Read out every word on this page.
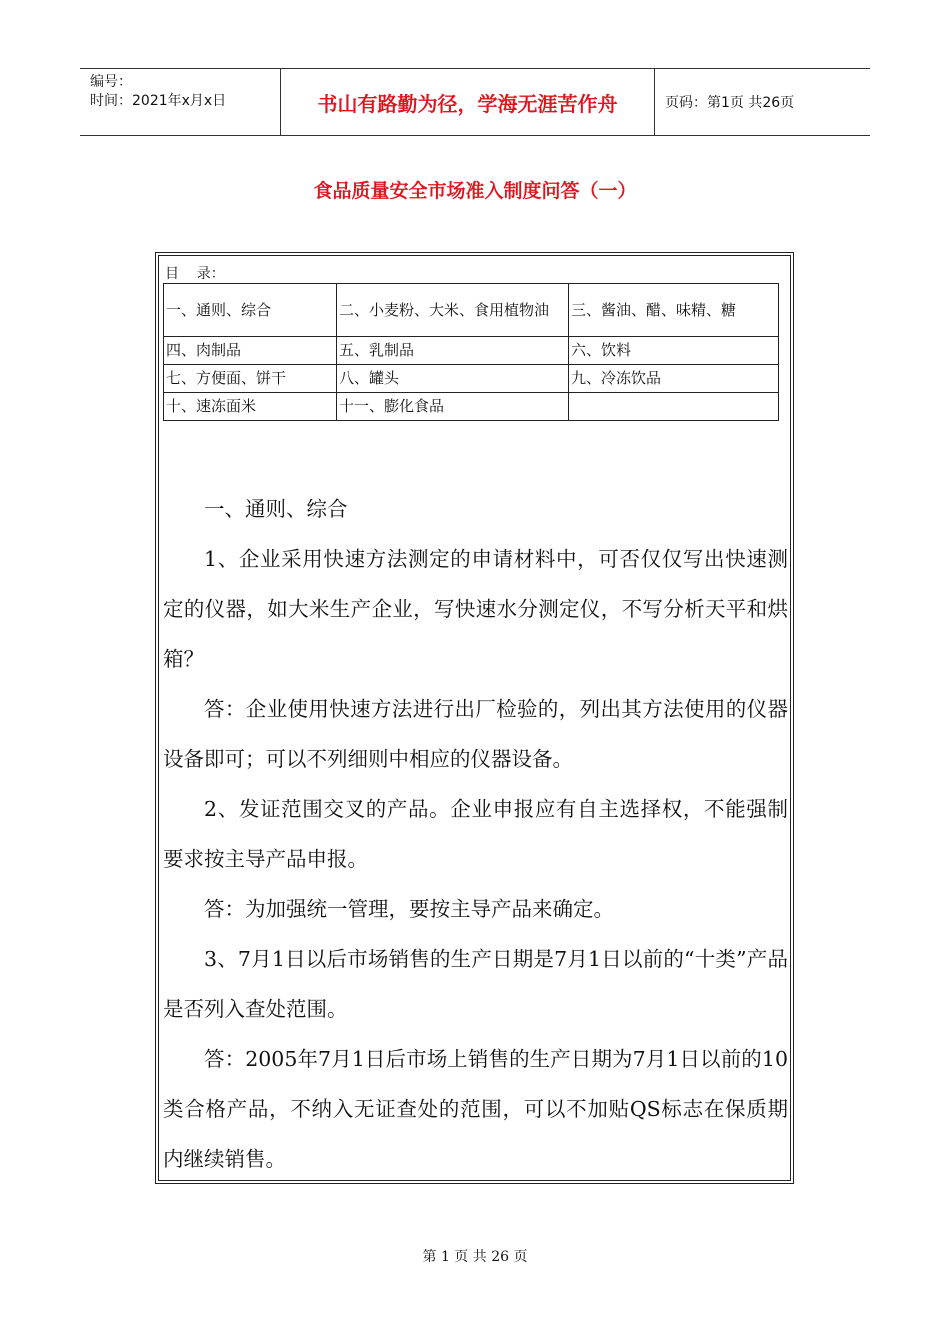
编号：
时间：2021年x月x日	书山有路勤为径，学海无涯苦作舟	页码：第1页 共26页
食品质量安全市场准入制度问答（一）
目    录：
一、通则、综合	二、小麦粉、大米、食用植物油	三、酱油、醋、味精、糖
四、肉制品	五、乳制品	六、饮料
七、方便面、饼干	八、罐头	九、冷冻饮品
十、速冻面米	十一、膨化食品	

一、通则、综合

1、企业采用快速方法测定的申请材料中，可否仅仅写出快速测定的仪器，如大米生产企业，写快速水分测定仪，不写分析天平和烘箱？

答：企业使用快速方法进行出厂检验的，列出其方法使用的仪器设备即可；可以不列细则中相应的仪器设备。

2、发证范围交叉的产品。企业申报应有自主选择权，不能强制要求按主导产品申报。

答：为加强统一管理，要按主导产品来确定。

3、7月1日以后市场销售的生产日期是7月1日以前的“十类”产品是否列入查处范围。

答：2005年7月1日后市场上销售的生产日期为7月1日以前的10类合格产品，不纳入无证查处的范围，可以不加贴QS标志在保质期内继续销售。

第 1 页 共 26 页
